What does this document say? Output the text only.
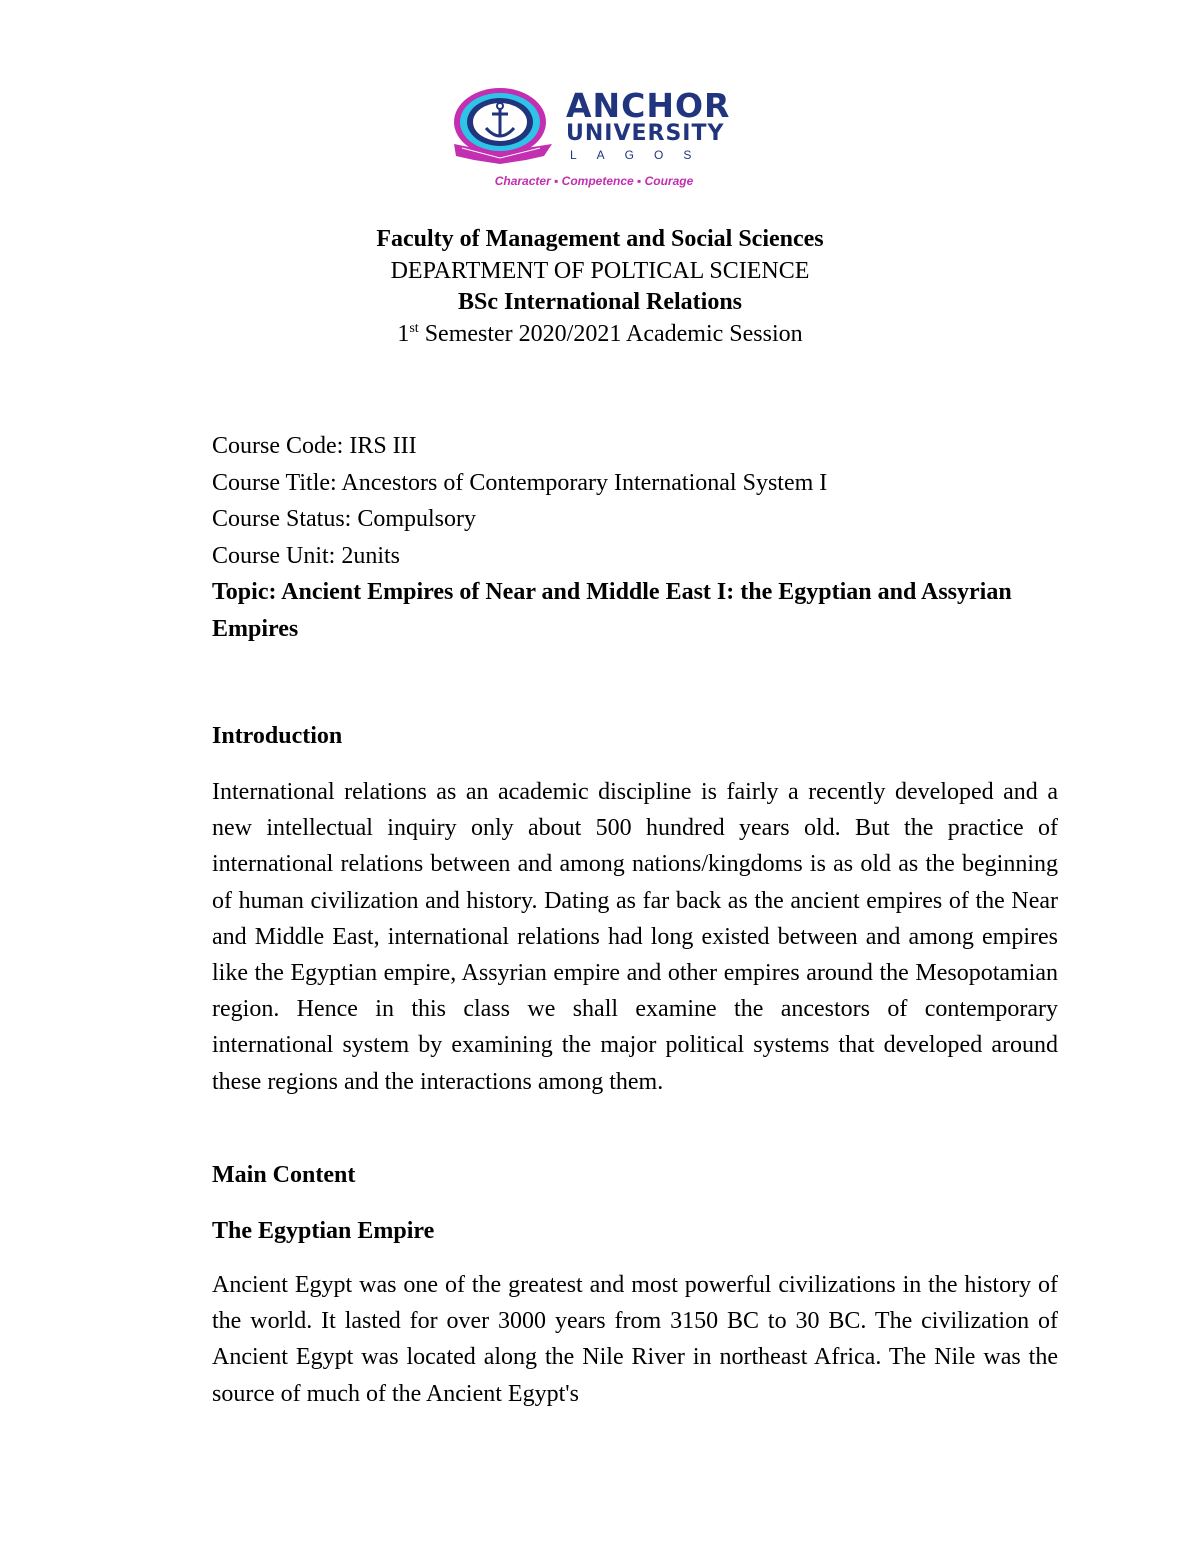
ANCHOR
UNIVERSITY
LAGOS
Character ▪ Competence ▪ Courage
Faculty of Management and Social Sciences
DEPARTMENT OF POLTICAL SCIENCE
BSc International Relations
1st Semester 2020/2021 Academic Session
Course Code: IRS III
Course Title: Ancestors of Contemporary International System I
Course Status: Compulsory
Course Unit: 2units
Topic: Ancient Empires of Near and Middle East I: the Egyptian and Assyrian Empires
Introduction
International relations as an academic discipline is fairly a recently developed and a new intellectual inquiry only about 500 hundred years old. But the practice of international relations between and among nations/kingdoms is as old as the beginning of human civilization and history. Dating as far back as the ancient empires of the Near and Middle East, international relations had long existed between and among empires like the Egyptian empire, Assyrian empire and other empires around the Mesopotamian region. Hence in this class we shall examine the ancestors of contemporary international system by examining the major political systems that developed around these regions and the interactions among them.
Main Content
The Egyptian Empire
Ancient Egypt was one of the greatest and most powerful civilizations in the history of the world. It lasted for over 3000 years from 3150 BC to 30 BC. The civilization of Ancient Egypt was located along the Nile River in northeast Africa. The Nile was the source of much of the Ancient Egypt's
